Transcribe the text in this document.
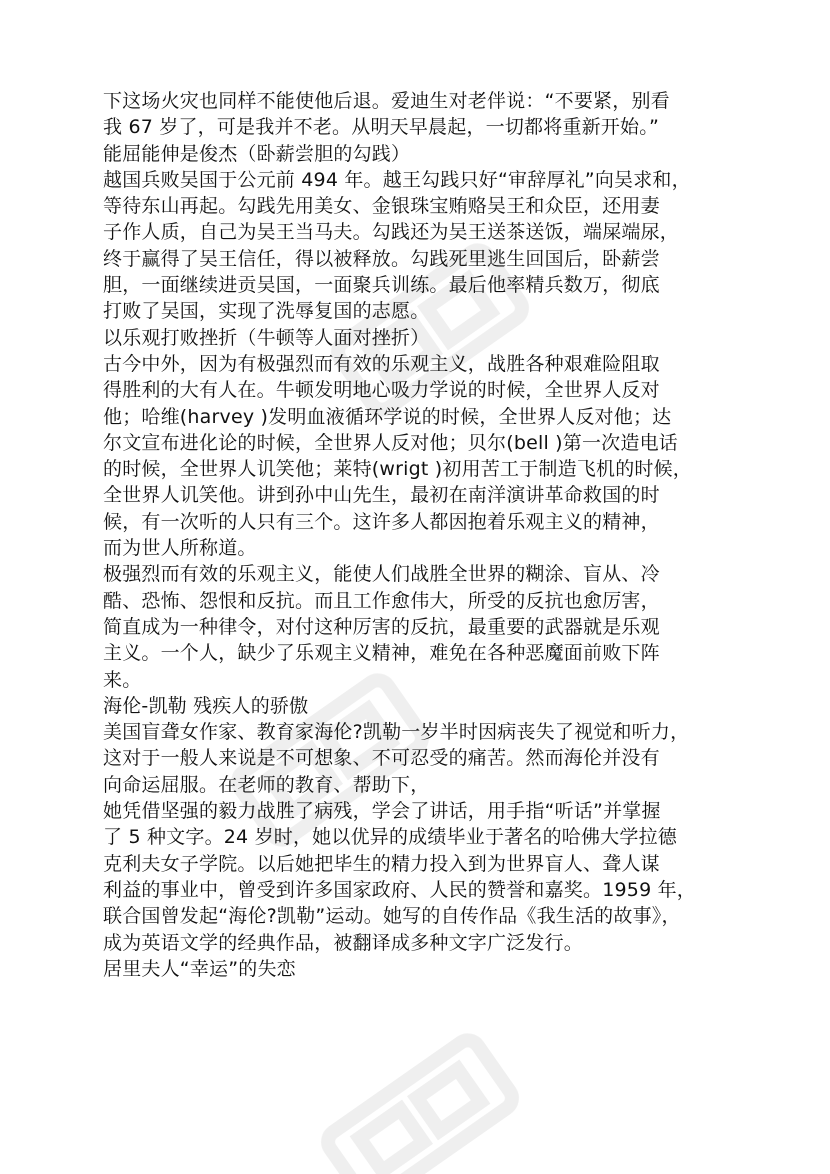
下这场火灾也同样不能使他后退。爱迪生对老伴说：“不要紧，别看
我 67 岁了，可是我并不老。从明天早晨起，一切都将重新开始。”
能屈能伸是俊杰（卧薪尝胆的勾践）
越国兵败吴国于公元前 494 年。越王勾践只好“审辞厚礼”向吴求和，
等待东山再起。勾践先用美女、金银珠宝贿赂吴王和众臣，还用妻
子作人质，自己为吴王当马夫。勾践还为吴王送茶送饭，端屎端尿，
终于赢得了吴王信任，得以被释放。勾践死里逃生回国后，卧薪尝
胆，一面继续进贡吴国，一面聚兵训练。最后他率精兵数万，彻底
打败了吴国，实现了洗辱复国的志愿。
以乐观打败挫折（牛顿等人面对挫折）
古今中外，因为有极强烈而有效的乐观主义，战胜各种艰难险阻取
得胜利的大有人在。牛顿发明地心吸力学说的时候，全世界人反对
他；哈维(harvey )发明血液循环学说的时候，全世界人反对他；达
尔文宣布进化论的时候，全世界人反对他；贝尔(bell )第一次造电话
的时候，全世界人讥笑他；莱特(wrigt )初用苦工于制造飞机的时候，
全世界人讥笑他。讲到孙中山先生，最初在南洋演讲革命救国的时
候，有一次听的人只有三个。这许多人都因抱着乐观主义的精神，
而为世人所称道。
极强烈而有效的乐观主义，能使人们战胜全世界的糊涂、盲从、冷
酷、恐怖、怨恨和反抗。而且工作愈伟大，所受的反抗也愈厉害，
简直成为一种律令，对付这种厉害的反抗，最重要的武器就是乐观
主义。一个人，缺少了乐观主义精神，难免在各种恶魔面前败下阵
来。
海伦-凯勒 残疾人的骄傲
美国盲聋女作家、教育家海伦?凯勒一岁半时因病丧失了视觉和听力，
这对于一般人来说是不可想象、不可忍受的痛苦。然而海伦并没有
向命运屈服。在老师的教育、帮助下，
她凭借坚强的毅力战胜了病残，学会了讲话，用手指“听话”并掌握
了 5 种文字。24 岁时，她以优异的成绩毕业于著名的哈佛大学拉德
克利夫女子学院。以后她把毕生的精力投入到为世界盲人、聋人谋
利益的事业中，曾受到许多国家政府、人民的赞誉和嘉奖。1959 年，
联合国曾发起“海伦?凯勒”运动。她写的自传作品《我生活的故事》，
成为英语文学的经典作品，被翻译成多种文字广泛发行。
居里夫人“幸运”的失恋
